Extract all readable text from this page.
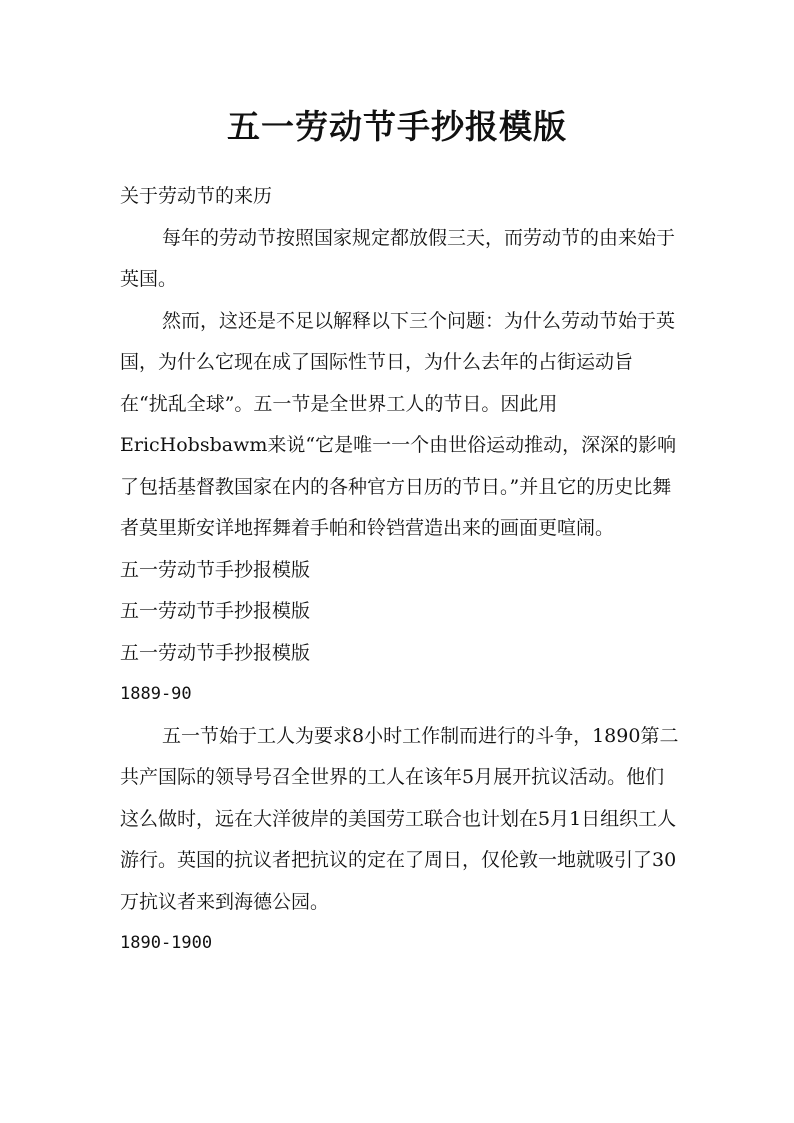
五一劳动节手抄报模版

关于劳动节的来历

每年的劳动节按照国家规定都放假三天，而劳动节的由来始于英国。

然而，这还是不足以解释以下三个问题：为什么劳动节始于英国，为什么它现在成了国际性节日，为什么去年的占街运动旨在“扰乱全球”。五一节是全世界工人的节日。因此用EricHobsbawm来说“它是唯一一个由世俗运动推动，深深的影响了包括基督教国家在内的各种官方日历的节日。”并且它的历史比舞者莫里斯安详地挥舞着手帕和铃铛营造出来的画面更喧闹。

五一劳动节手抄报模版

五一劳动节手抄报模版

五一劳动节手抄报模版

1889-90

五一节始于工人为要求8小时工作制而进行的斗争，1890第二共产国际的领导号召全世界的工人在该年5月展开抗议活动。他们这么做时，远在大洋彼岸的美国劳工联合也计划在5月1日组织工人游行。英国的抗议者把抗议的定在了周日，仅伦敦一地就吸引了30万抗议者来到海德公园。

1890-1900
